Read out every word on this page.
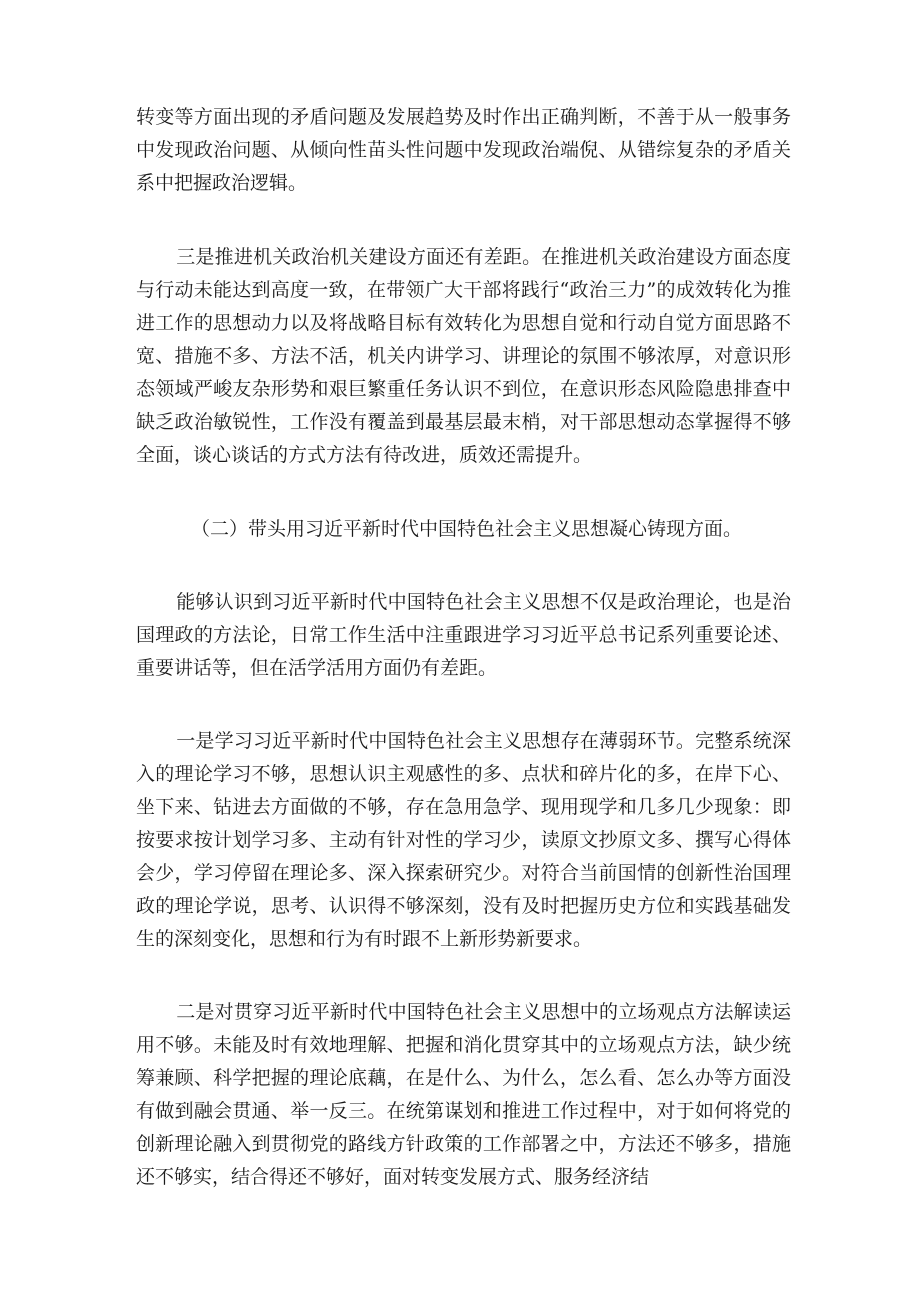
转变等方面出现的矛盾问题及发展趋势及时作出正确判断，不善于从一般事务中发现政治问题、从倾向性苗头性问题中发现政治端倪、从错综复杂的矛盾关系中把握政治逻辑。

三是推进机关政治机关建设方面还有差距。在推进机关政治建设方面态度与行动未能达到高度一致，在带领广大干部将践行“政治三力”的成效转化为推进工作的思想动力以及将战略目标有效转化为思想自觉和行动自觉方面思路不宽、措施不多、方法不活，机关内讲学习、讲理论的氛围不够浓厚，对意识形态领域严峻友杂形势和艰巨繁重任务认识不到位，在意识形态风险隐患排查中缺乏政治敏锐性，工作没有覆盖到最基层最末梢，对干部思想动态掌握得不够全面，谈心谈话的方式方法有待改进，质效还需提升。

（二）带头用习近平新时代中国特色社会主义思想凝心铸现方面。

能够认识到习近平新时代中国特色社会主义思想不仅是政治理论，也是治国理政的方法论，日常工作生活中注重跟进学习习近平总书记系列重要论述、重要讲话等，但在活学活用方面仍有差距。

一是学习习近平新时代中国特色社会主义思想存在薄弱环节。完整系统深入的理论学习不够，思想认识主观感性的多、点状和碎片化的多，在岸下心、坐下来、钻进去方面做的不够，存在急用急学、现用现学和几多几少现象：即按要求按计划学习多、主动有针对性的学习少，读原文抄原文多、撰写心得体会少，学习停留在理论多、深入探索研究少。对符合当前国情的创新性治国理政的理论学说，思考、认识得不够深刻，没有及时把握历史方位和实践基础发生的深刻变化，思想和行为有时跟不上新形势新要求。

二是对贯穿习近平新时代中国特色社会主义思想中的立场观点方法解读运用不够。未能及时有效地理解、把握和消化贯穿其中的立场观点方法，缺少统筹兼顾、科学把握的理论底藕，在是什么、为什么，怎么看、怎么办等方面没有做到融会贯通、举一反三。在统第谋划和推进工作过程中，对于如何将党的创新理论融入到贯彻党的路线方针政策的工作部署之中，方法还不够多，措施还不够实，结合得还不够好，面对转变发展方式、服务经济结
